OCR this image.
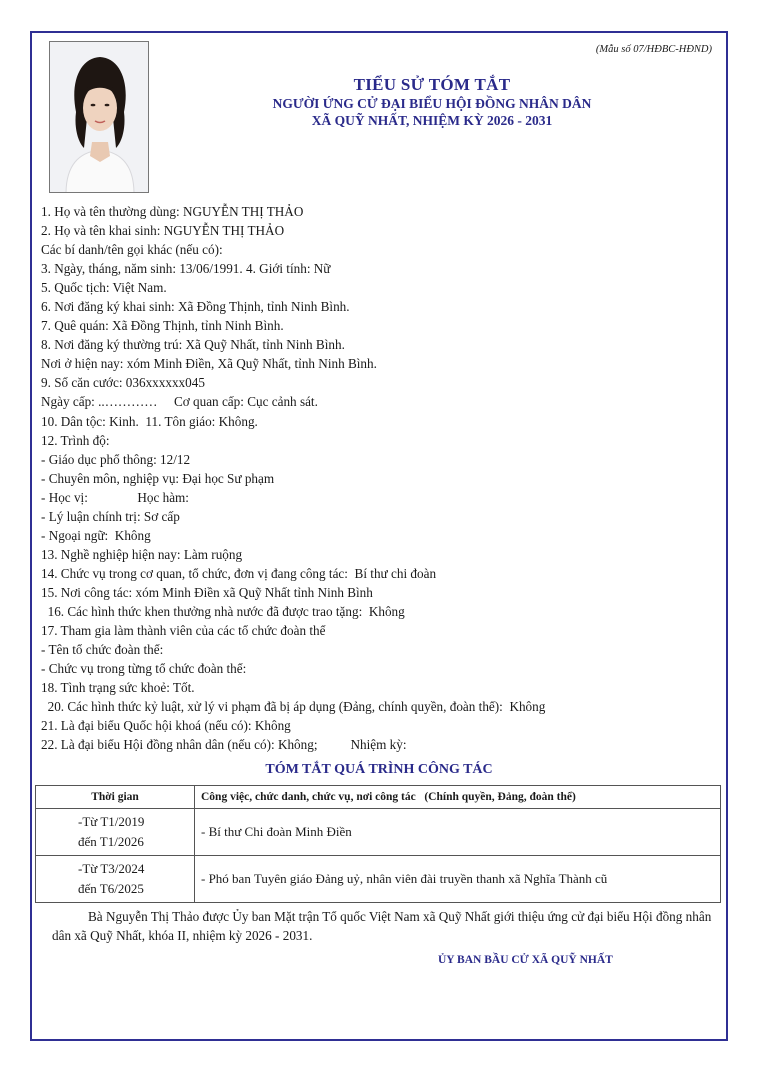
(Mẫu số 07/HĐBC-HĐND)
TIỂU SỬ TÓM TẮT
NGƯỜI ỨNG CỬ ĐẠI BIỂU HỘI ĐỒNG NHÂN DÂN
XÃ QUỸ NHẤT, NHIỆM KỲ 2026 - 2031
1. Họ và tên thường dùng: NGUYỄN THỊ THẢO
2. Họ và tên khai sinh: NGUYỄN THỊ THẢO
Các bí danh/tên gọi khác (nếu có):
3. Ngày, tháng, năm sinh: 13/06/1991. 4. Giới tính: Nữ
5. Quốc tịch: Việt Nam.
6. Nơi đăng ký khai sinh: Xã Đồng Thịnh, tỉnh Ninh Bình.
7. Quê quán: Xã Đồng Thịnh, tỉnh Ninh Bình.
8. Nơi đăng ký thường trú: Xã Quỹ Nhất, tỉnh Ninh Bình.
Nơi ở hiện nay: xóm Minh Điền, Xã Quỹ Nhất, tỉnh Ninh Bình.
9. Số căn cước: 036xxxxxx045
Ngày cấp: ..…………     Cơ quan cấp: Cục cảnh sát.
10. Dân tộc: Kinh.  11. Tôn giáo: Không.
12. Trình độ:
- Giáo dục phổ thông: 12/12
- Chuyên môn, nghiệp vụ: Đại học Sư phạm
- Học vị:               Học hàm:
- Lý luận chính trị: Sơ cấp
- Ngoại ngữ:  Không
13. Nghề nghiệp hiện nay: Làm ruộng
14. Chức vụ trong cơ quan, tổ chức, đơn vị đang công tác:  Bí thư chi đoàn
15. Nơi công tác: xóm Minh Điền xã Quỹ Nhất tỉnh Ninh Bình
16. Các hình thức khen thưởng nhà nước đã được trao tặng:  Không
17. Tham gia làm thành viên của các tổ chức đoàn thể
- Tên tổ chức đoàn thể:
- Chức vụ trong từng tổ chức đoàn thể:
18. Tình trạng sức khoẻ: Tốt.
20. Các hình thức kỷ luật, xử lý vi phạm đã bị áp dụng (Đảng, chính quyền, đoàn thể):  Không
21. Là đại biểu Quốc hội khoá (nếu có): Không
22. Là đại biểu Hội đồng nhân dân (nếu có): Không;          Nhiệm kỳ:
TÓM TẮT QUÁ TRÌNH CÔNG TÁC
Thời gian	Công việc, chức danh, chức vụ, nơi công tác   (Chính quyền, Đảng, đoàn thể)

-Từ T1/2019
đến T1/2026	- Bí thư Chi đoàn Minh Điền

-Từ T3/2024
đến T6/2025	- Phó ban Tuyên giáo Đảng uỷ, nhân viên đài truyền thanh xã Nghĩa Thành cũ
Bà Nguyễn Thị Thảo được Ủy ban Mặt trận Tổ quốc Việt Nam xã Quỹ Nhất giới thiệu ứng cử đại biểu Hội đồng nhân dân xã Quỹ Nhất, khóa II, nhiệm kỳ 2026 - 2031.
ỦY BAN BẦU CỬ XÃ QUỸ NHẤT
